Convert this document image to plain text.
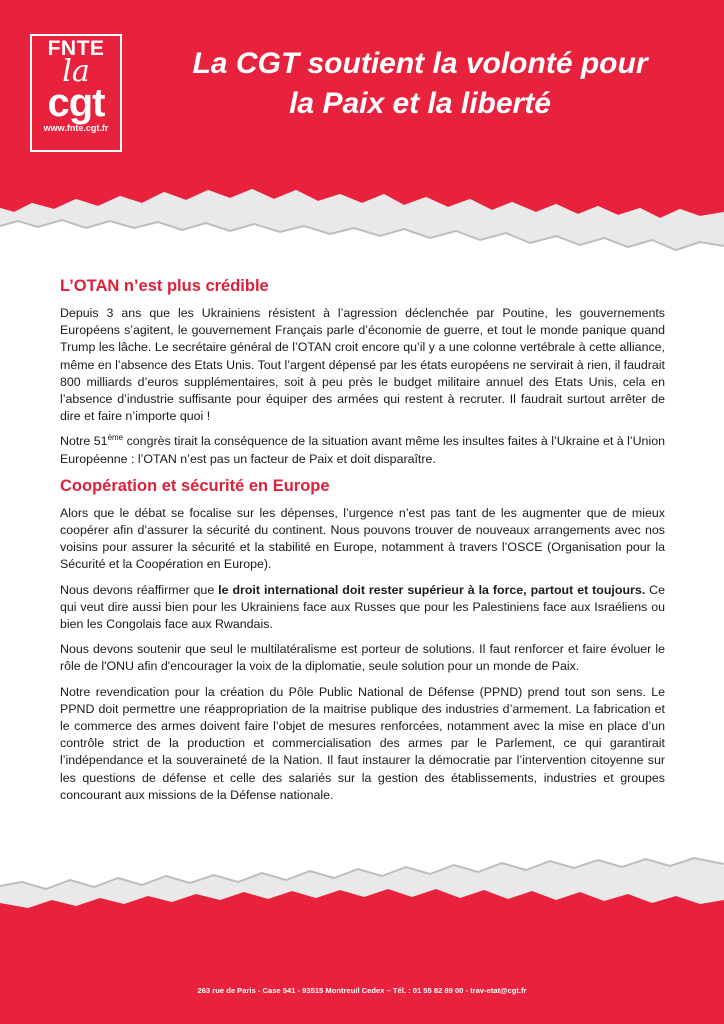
FNTE
la
cgt
www.fnte.cgt.fr
La CGT soutient la volonté pour
la Paix et la liberté
L’OTAN n’est plus crédible

Depuis 3 ans que les Ukrainiens résistent à l’agression déclenchée par Poutine, les gouvernements Européens s’agitent, le gouvernement Français parle d’économie de guerre, et tout le monde panique quand Trump les lâche. Le secrétaire général de l’OTAN croit encore qu’il y a une colonne vertébrale à cette alliance, même en l’absence des Etats Unis. Tout l’argent dépensé par les états européens ne servirait à rien, il faudrait 800 milliards d’euros supplémentaires, soit à peu près le budget militaire annuel des Etats Unis, cela en l’absence d’industrie suffisante pour équiper des armées qui restent à recruter. Il faudrait surtout arrêter de dire et faire n’importe quoi !

Notre 51ème congrès tirait la conséquence de la situation avant même les insultes faites à l’Ukraine et à l’Union Européenne : l’OTAN n’est pas un facteur de Paix et doit disparaître.

Coopération et sécurité en Europe

Alors que le débat se focalise sur les dépenses, l’urgence n’est pas tant de les augmenter que de mieux coopérer afin d’assurer la sécurité du continent. Nous pouvons trouver de nouveaux arrangements avec nos voisins pour assurer la sécurité et la stabilité en Europe, notamment à travers l’OSCE (Organisation pour la Sécurité et la Coopération en Europe).

Nous devons réaffirmer que le droit international doit rester supérieur à la force, partout et toujours. Ce qui veut dire aussi bien pour les Ukrainiens face aux Russes que pour les Palestiniens face aux Israéliens ou bien les Congolais face aux Rwandais.

Nous devons soutenir que seul le multilatéralisme est porteur de solutions. Il faut renforcer et faire évoluer le rôle de l'ONU afin d'encourager la voix de la diplomatie, seule solution pour un monde de Paix.

Notre revendication pour la création du Pôle Public National de Défense (PPND) prend tout son sens. Le PPND doit permettre une réappropriation de la maitrise publique des industries d’armement. La fabrication et le commerce des armes doivent faire l’objet de mesures renforcées, notamment avec la mise en place d’un contrôle strict de la production et commercialisation des armes par le Parlement, ce qui garantirait l’indépendance et la souveraineté de la Nation. Il faut instaurer la démocratie par l’intervention citoyenne sur les questions de défense et celle des salariés sur la gestion des établissements, industries et groupes concourant aux missions de la Défense nationale.

263 rue de Paris - Case 541 - 93515 Montreuil Cedex – Tél. : 01 55 82 89 00 - trav-etat@cgt.fr
